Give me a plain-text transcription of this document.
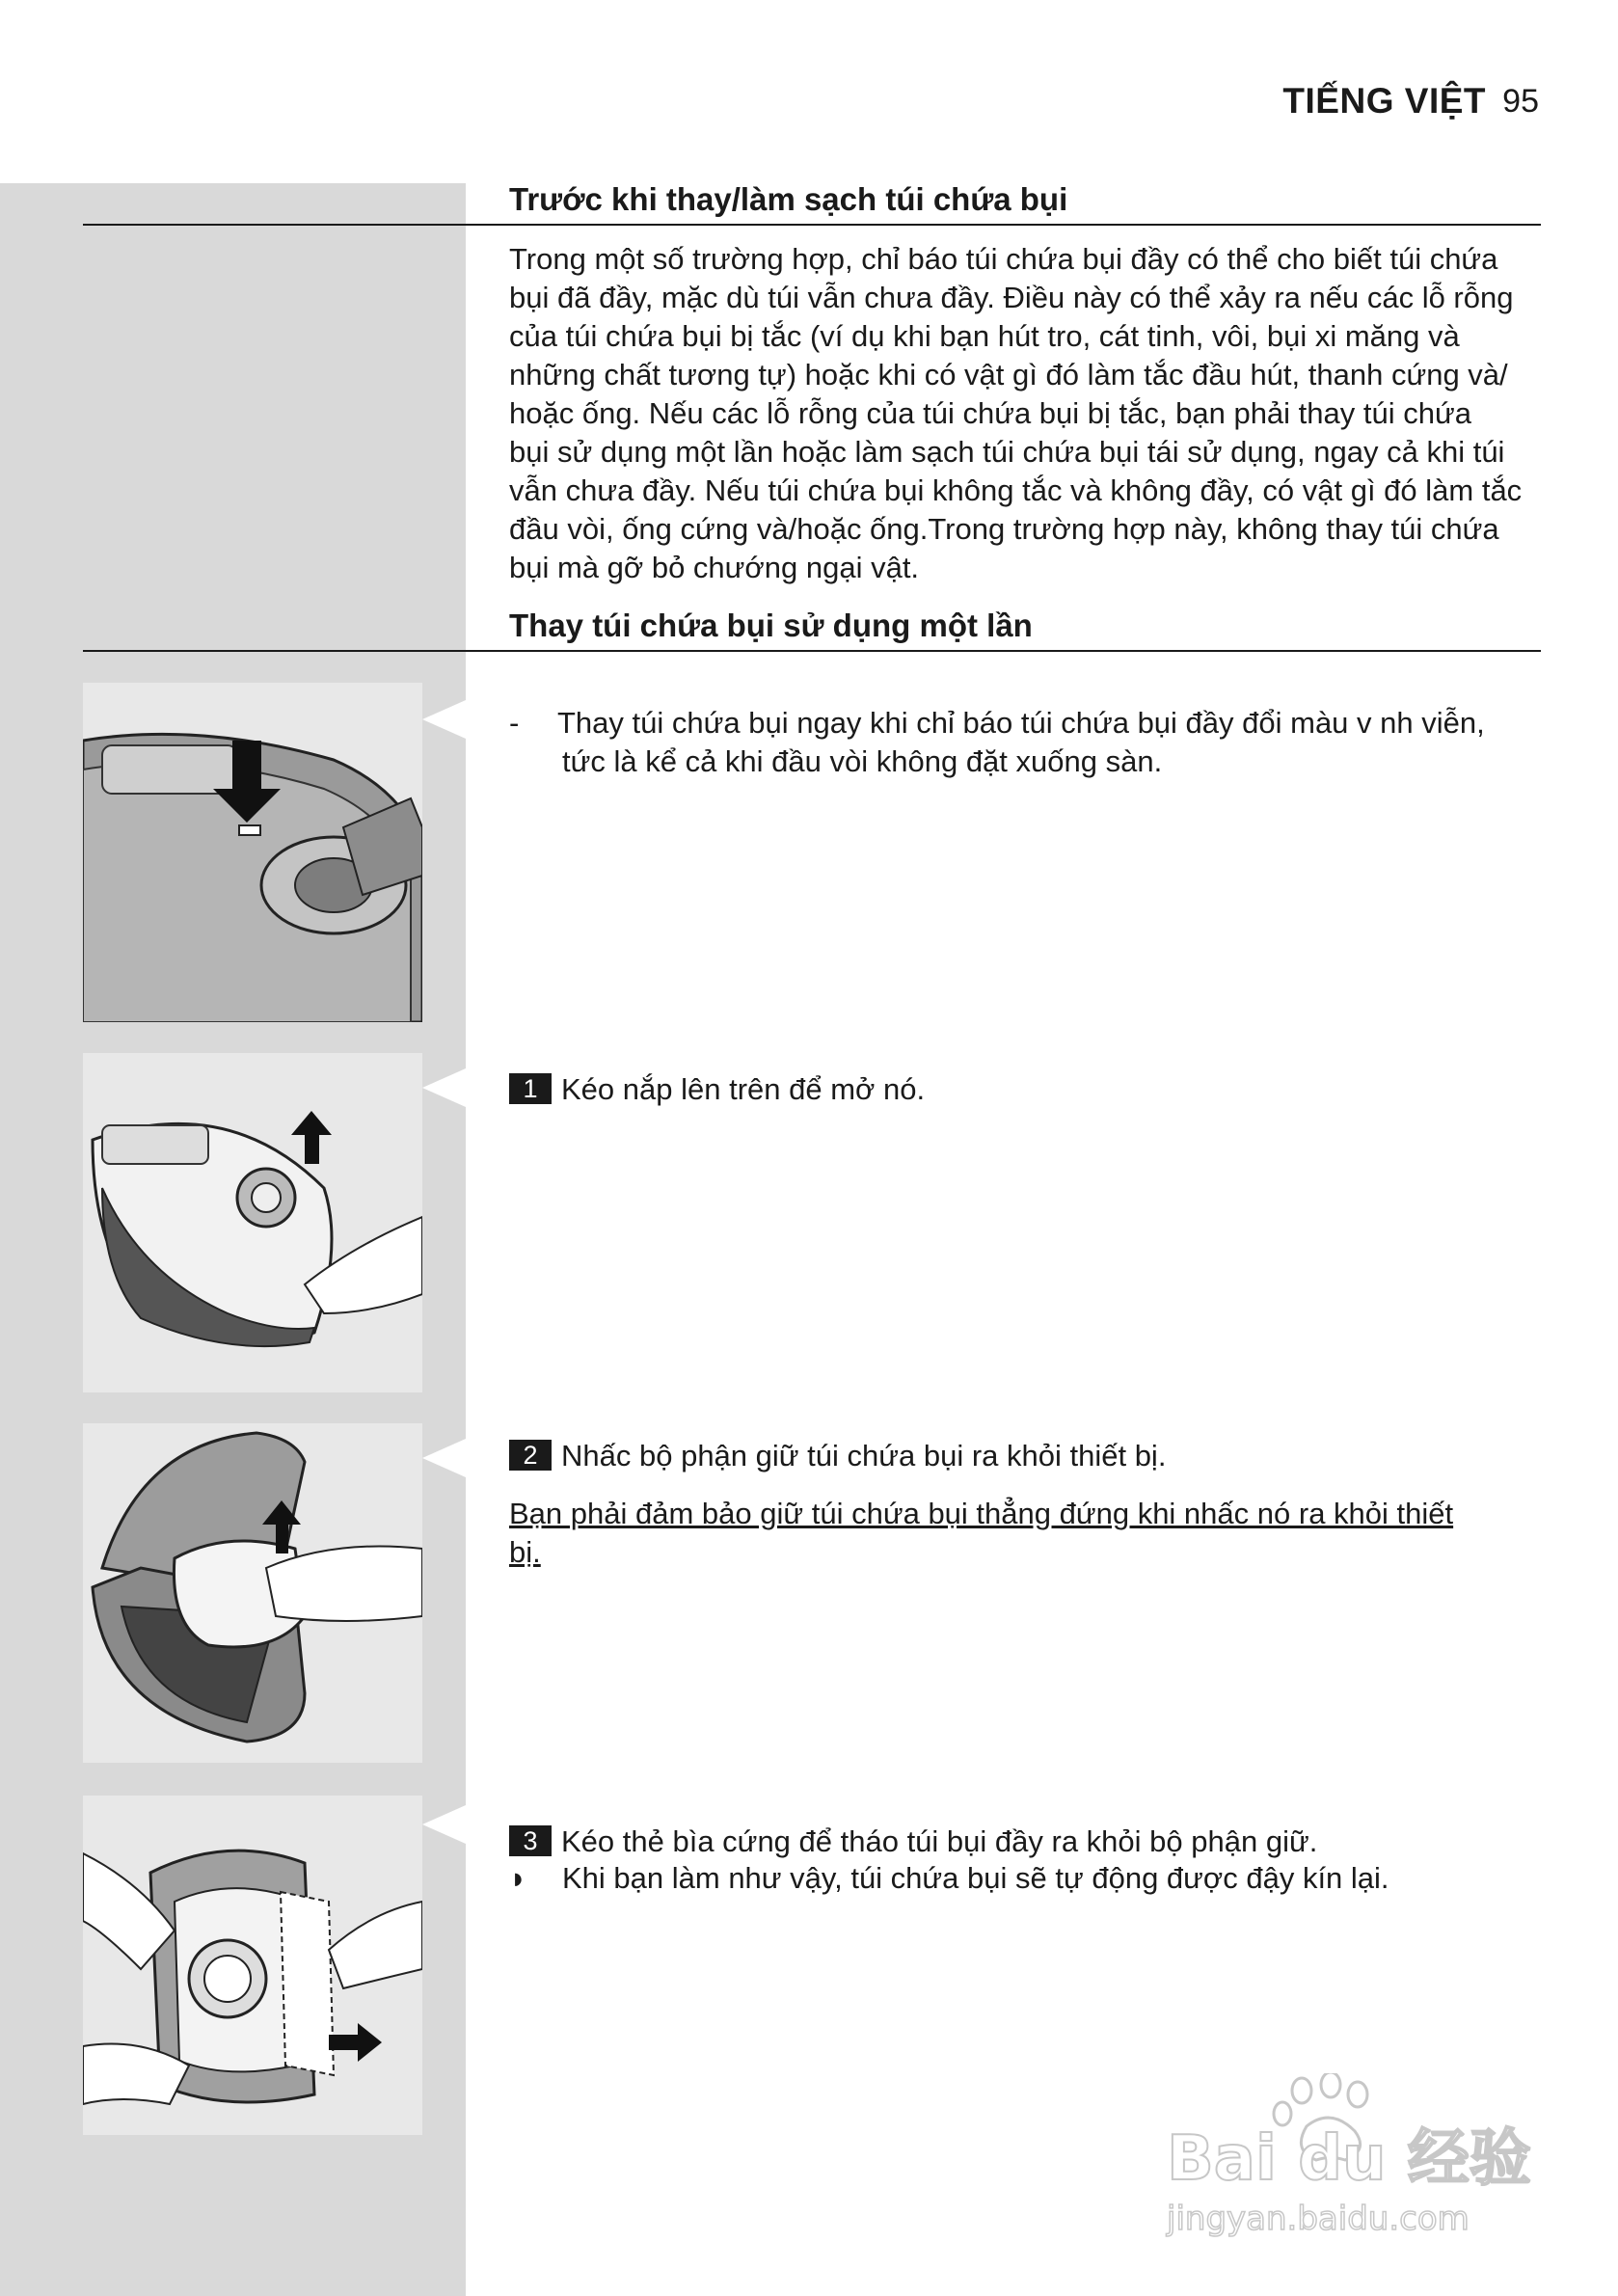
TIẾNG VIỆT 95
Trước khi thay/làm sạch túi chứa bụi
Trong một số trường hợp, chỉ báo túi chứa bụi đầy có thể cho biết túi chứa
bụi đã đầy, mặc dù túi vẫn chưa đầy. Điều này có thể xảy ra nếu các lỗ rỗng
của túi chứa bụi bị tắc (ví dụ khi bạn hút tro, cát tinh, vôi, bụi xi măng và
những chất tương tự) hoặc khi có vật gì đó làm tắc đầu hút, thanh cứng và/
hoặc ống. Nếu các lỗ rỗng của túi chứa bụi bị tắc, bạn phải thay túi chứa
bụi sử dụng một lần hoặc làm sạch túi chứa bụi tái sử dụng, ngay cả khi túi
vẫn chưa đầy. Nếu túi chứa bụi không tắc và không đầy, có vật gì đó làm tắc
đầu vòi, ống cứng và/hoặc ống.Trong trường hợp này, không thay túi chứa
bụi mà gỡ bỏ chướng ngại vật.
Thay túi chứa bụi sử dụng một lần
- Thay túi chứa bụi ngay khi chỉ báo túi chứa bụi đầy đổi màu v nh viễn,
tức là kể cả khi đầu vòi không đặt xuống sàn.
1 Kéo nắp lên trên để mở nó.
2 Nhấc bộ phận giữ túi chứa bụi ra khỏi thiết bị.
Bạn phải đảm bảo giữ túi chứa bụi thẳng đứng khi nhấc nó ra khỏi thiết
bị.
3 Kéo thẻ bìa cứng để tháo túi bụi đầy ra khỏi bộ phận giữ.
◗ Khi bạn làm như vậy, túi chứa bụi sẽ tự động được đậy kín lại.
Bai du 经验
jingyan.baidu.com
